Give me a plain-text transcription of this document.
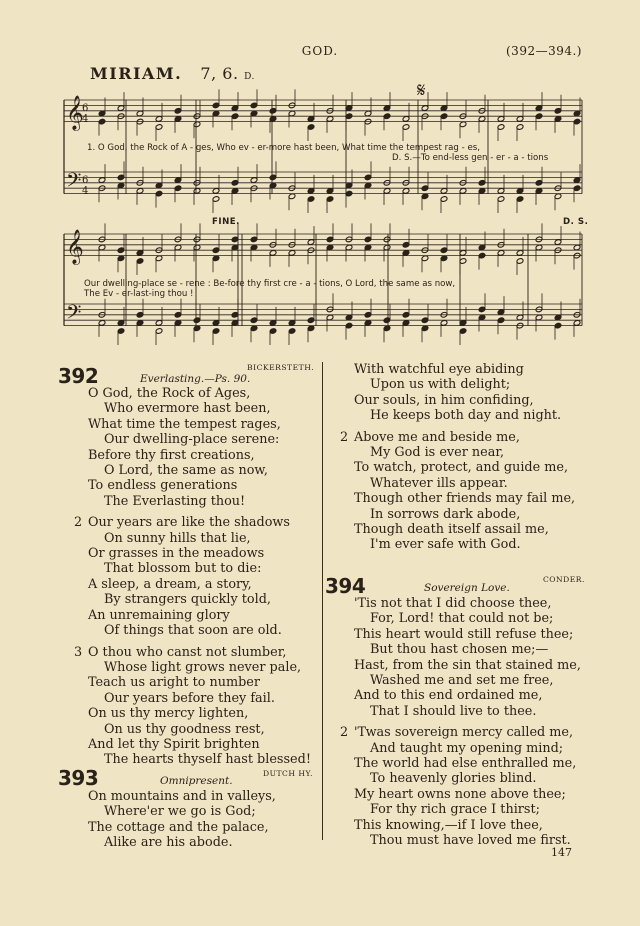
GOD.	(392—394.)
MIRIAM. 7, 6. D.
𝄞
𝄞
𝄢
𝄢
6
4
6
4
1. O God, the Rock of A - ges, Who ev - er-more hast been, What time the tempest rag - es,
D. S.—To end-less gen - er - a - tions
𝄋
FINE.	D. S.
Our dwelling-place se - rene : Be-fore thy first cre - a - tions, O Lord, the same as now,
The Ev - er-last-ing thou !
392	Everlasting.—Ps. 90.
BICKERSTETH.
O God, the Rock of Ages,
Who evermore hast been,
What time the tempest rages,
Our dwelling-place serene:
Before thy first creations,
O Lord, the same as now,
To endless generations
The Everlasting thou!
2 Our years are like the shadows
On sunny hills that lie,
Or grasses in the meadows
That blossom but to die:
A sleep, a dream, a story,
By strangers quickly told,
An unremaining glory
Of things that soon are old.
3 O thou who canst not slumber,
Whose light grows never pale,
Teach us aright to number
Our years before they fail.
On us thy mercy lighten,
On us thy goodness rest,
And let thy Spirit brighten
The hearts thyself hast blessed!
393	Omnipresent.
DUTCH HY.
On mountains and in valleys,
Where'er we go is God;
The cottage and the palace,
Alike are his abode.
With watchful eye abiding
Upon us with delight;
Our souls, in him confiding,
He keeps both day and night.
2 Above me and beside me,
My God is ever near,
To watch, protect, and guide me,
Whatever ills appear.
Though other friends may fail me,
In sorrows dark abode,
Though death itself assail me,
I'm ever safe with God.
394	Sovereign Love.
CONDER.
'Tis not that I did choose thee,
For, Lord! that could not be;
This heart would still refuse thee;
But thou hast chosen me;—
Hast, from the sin that stained me,
Washed me and set me free,
And to this end ordained me,
That I should live to thee.
2 'Twas sovereign mercy called me,
And taught my opening mind;
The world had else enthralled me,
To heavenly glories blind.
My heart owns none above thee;
For thy rich grace I thirst;
This knowing,—if I love thee,
Thou must have loved me first.
147
